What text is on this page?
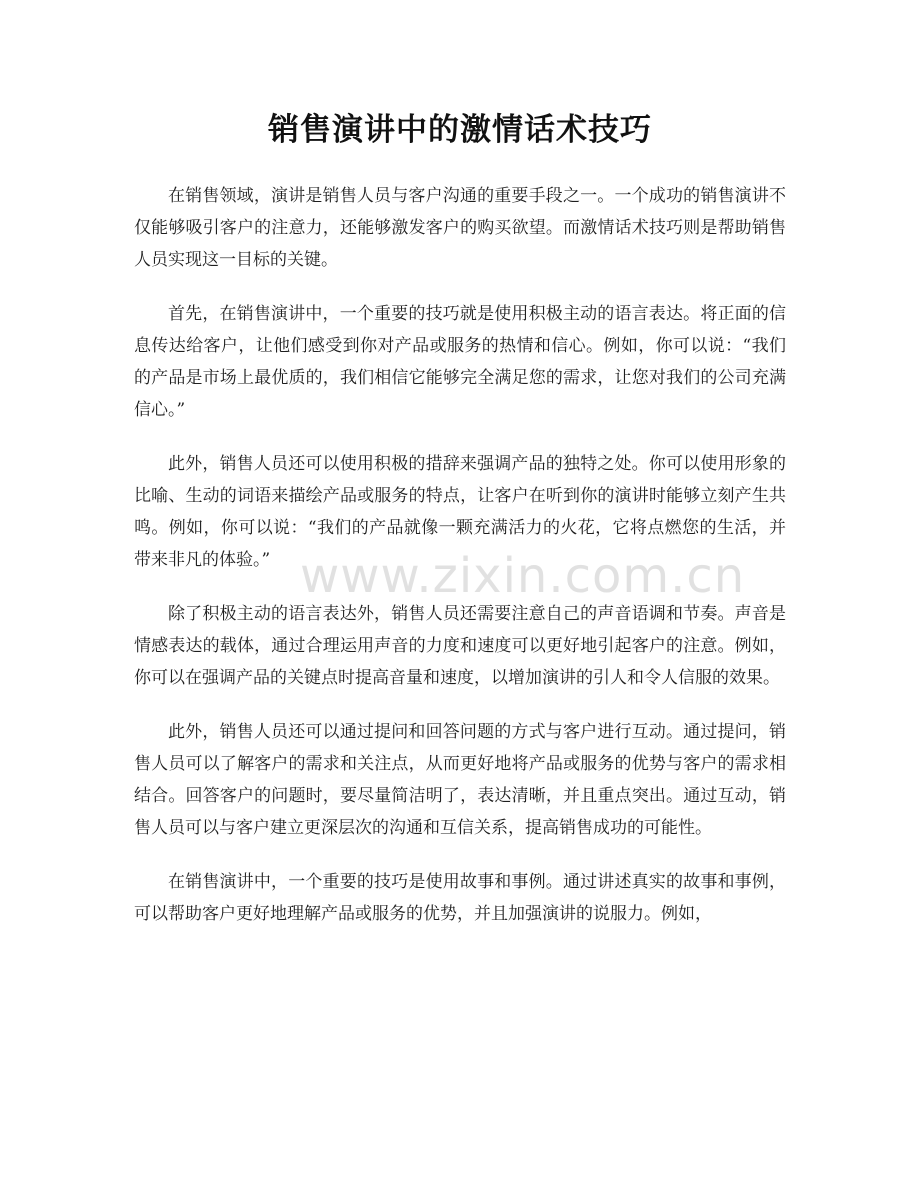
销售演讲中的激情话术技巧

在销售领域，演讲是销售人员与客户沟通的重要手段之一。一个成功的销售演讲不仅能够吸引客户的注意力，还能够激发客户的购买欲望。而激情话术技巧则是帮助销售人员实现这一目标的关键。

首先，在销售演讲中，一个重要的技巧就是使用积极主动的语言表达。将正面的信息传达给客户，让他们感受到你对产品或服务的热情和信心。例如，你可以说：“我们的产品是市场上最优质的，我们相信它能够完全满足您的需求，让您对我们的公司充满信心。”

此外，销售人员还可以使用积极的措辞来强调产品的独特之处。你可以使用形象的比喻、生动的词语来描绘产品或服务的特点，让客户在听到你的演讲时能够立刻产生共鸣。例如，你可以说：“我们的产品就像一颗充满活力的火花，它将点燃您的生活，并带来非凡的体验。”

除了积极主动的语言表达外，销售人员还需要注意自己的声音语调和节奏。声音是情感表达的载体，通过合理运用声音的力度和速度可以更好地引起客户的注意。例如，你可以在强调产品的关键点时提高音量和速度，以增加演讲的引人和令人信服的效果。

此外，销售人员还可以通过提问和回答问题的方式与客户进行互动。通过提问，销售人员可以了解客户的需求和关注点，从而更好地将产品或服务的优势与客户的需求相结合。回答客户的问题时，要尽量简洁明了，表达清晰，并且重点突出。通过互动，销售人员可以与客户建立更深层次的沟通和互信关系，提高销售成功的可能性。

在销售演讲中，一个重要的技巧是使用故事和事例。通过讲述真实的故事和事例，可以帮助客户更好地理解产品或服务的优势，并且加强演讲的说服力。例如，

www.zixin.com.cn
